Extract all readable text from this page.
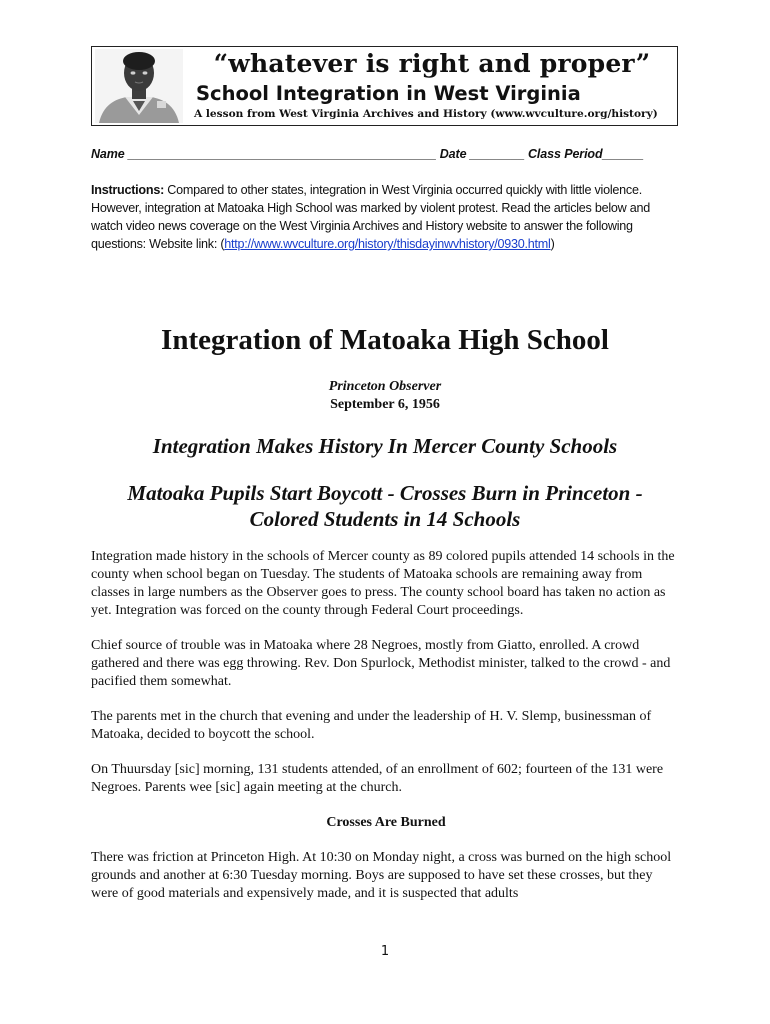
“whatever is right and proper”
School Integration in West Virginia
A lesson from West Virginia Archives and History (www.wvculture.org/history)
Name _____________________________________________ Date ________ Class Period______
Instructions: Compared to other states, integration in West Virginia occurred quickly with little violence. However, integration at Matoaka High School was marked by violent protest. Read the articles below and watch video news coverage on the West Virginia Archives and History website to answer the following questions: Website link: (http://www.wvculture.org/history/thisdayinwvhistory/0930.html)
Integration of Matoaka High School
Princeton Observer
September 6, 1956
Integration Makes History In Mercer County Schools
Matoaka Pupils Start Boycott - Crosses Burn in Princeton - Colored Students in 14 Schools

Integration made history in the schools of Mercer county as 89 colored pupils attended 14 schools in the county when school began on Tuesday. The students of Matoaka schools are remaining away from classes in large numbers as the Observer goes to press. The county school board has taken no action as yet. Integration was forced on the county through Federal Court proceedings.

Chief source of trouble was in Matoaka where 28 Negroes, mostly from Giatto, enrolled. A crowd gathered and there was egg throwing. Rev. Don Spurlock, Methodist minister, talked to the crowd - and pacified them somewhat.

The parents met in the church that evening and under the leadership of H. V. Slemp, businessman of Matoaka, decided to boycott the school.

On Thuursday [sic] morning, 131 students attended, of an enrollment of 602; fourteen of the 131 were Negroes. Parents wee [sic] again meeting at the church.

Crosses Are Burned

There was friction at Princeton High. At 10:30 on Monday night, a cross was burned on the high school grounds and another at 6:30 Tuesday morning. Boys are supposed to have set these crosses, but they were of good materials and expensively made, and it is suspected that adults

1
